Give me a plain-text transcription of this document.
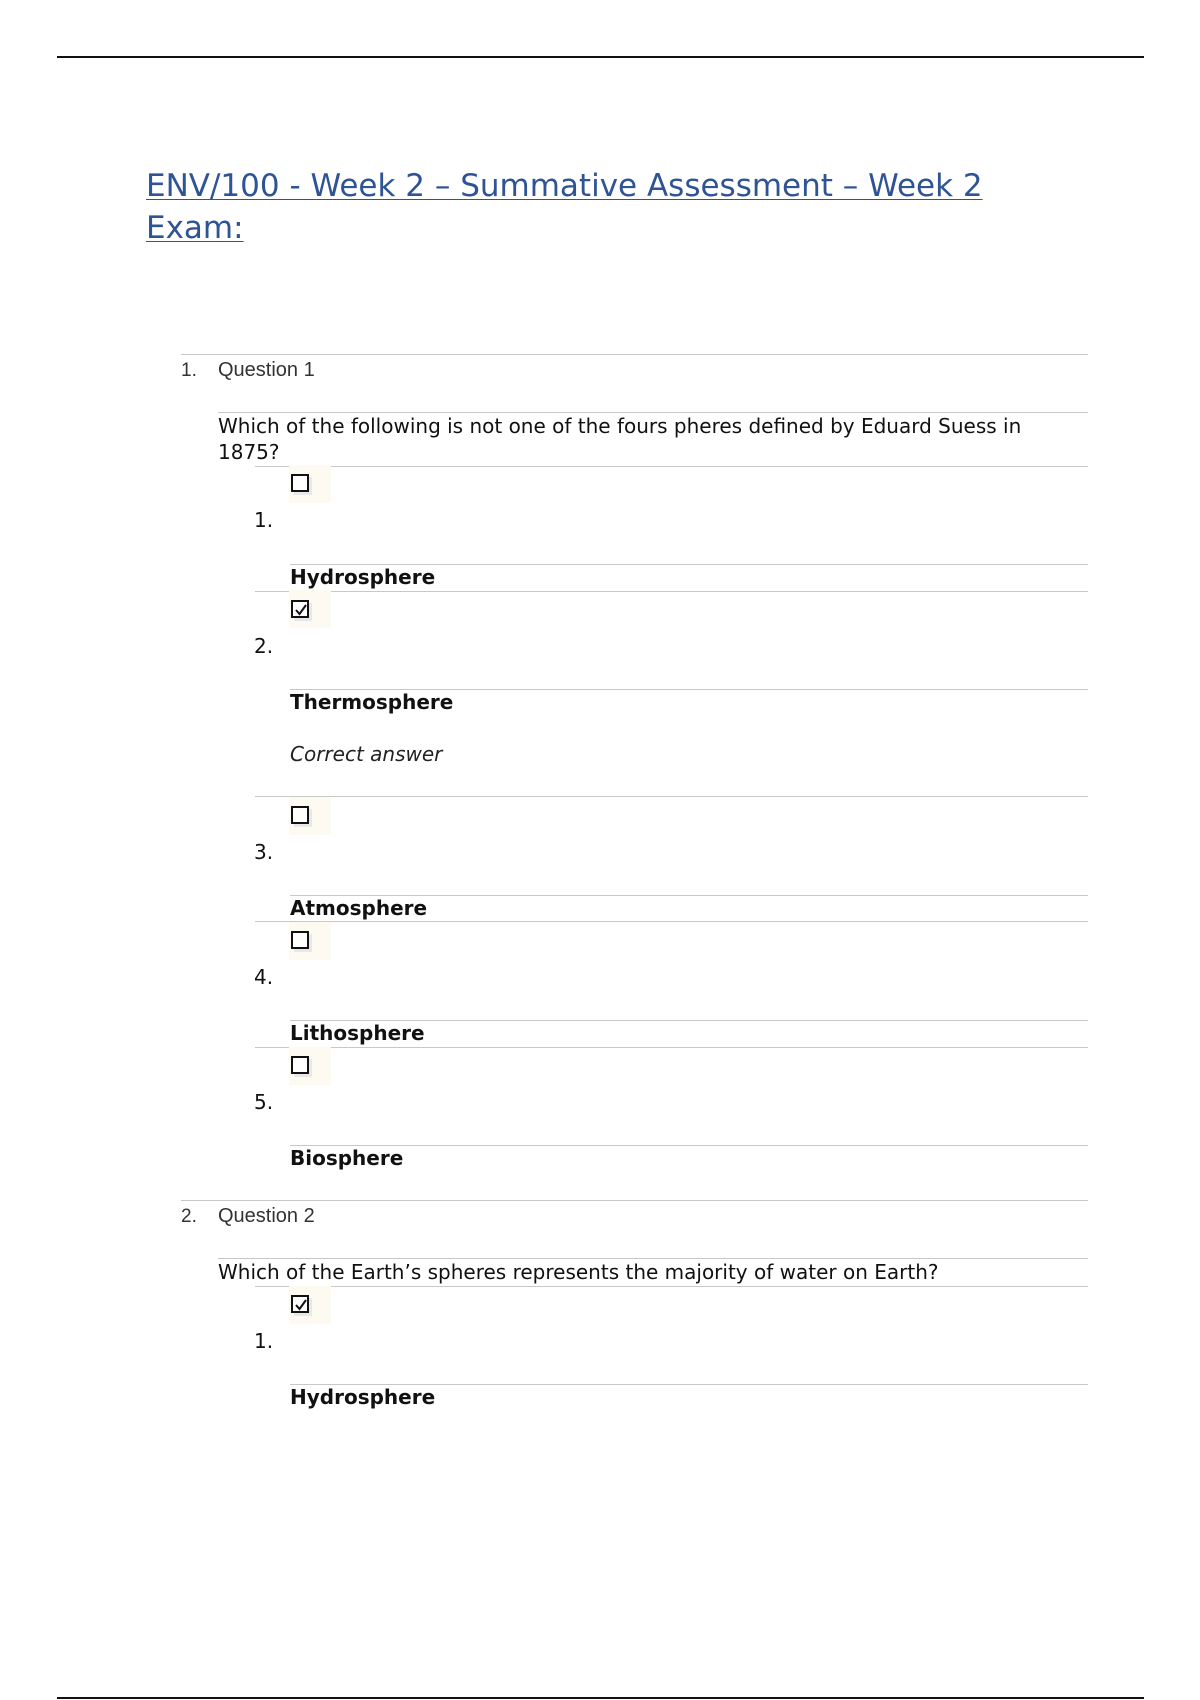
ENV/100 - Week 2 – Summative Assessment – Week 2 Exam:
1. Question 1
Which of the following is not one of the fours pheres defined by Eduard Suess in 1875?
1.
Hydrosphere
2.
Thermosphere
Correct answer
3.
Atmosphere
4.
Lithosphere
5.
Biosphere
2. Question 2
Which of the Earth’s spheres represents the majority of water on Earth?
1.
Hydrosphere
